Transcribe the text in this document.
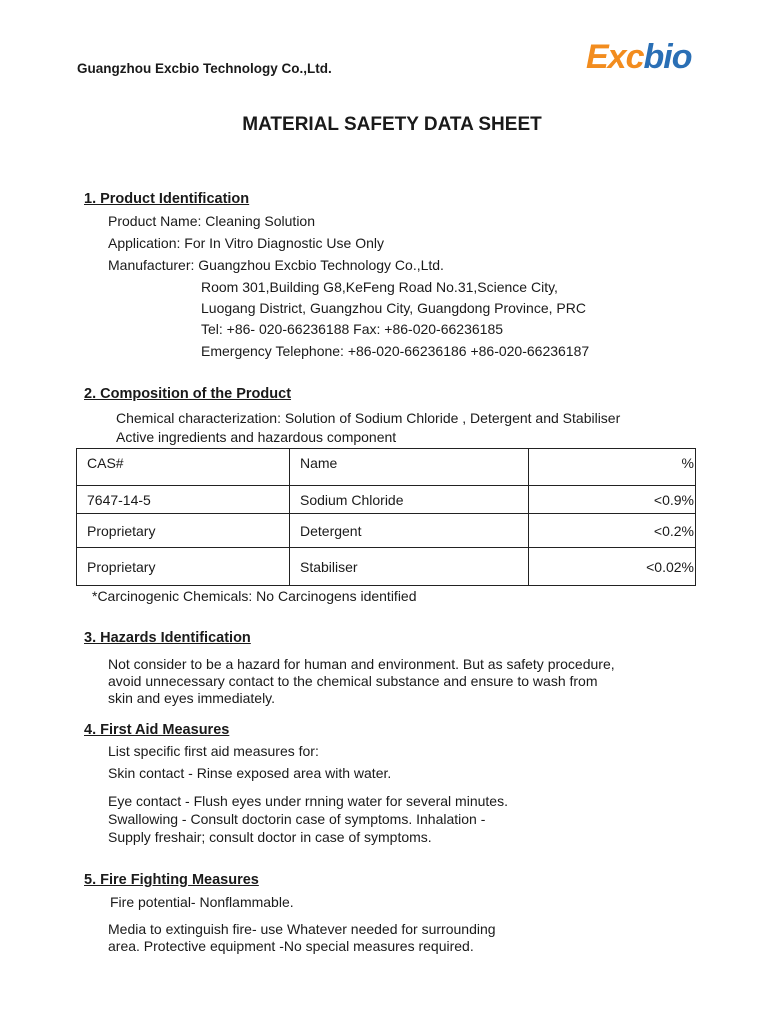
Guangzhou Excbio Technology Co.,Ltd.	Excbio
MATERIAL SAFETY DATA SHEET
1. Product Identification
Product Name: Cleaning Solution
Application: For In Vitro Diagnostic Use Only
Manufacturer: Guangzhou Excbio Technology Co.,Ltd.
Room 301,Building G8,KeFeng Road No.31,Science City,
Luogang District, Guangzhou City, Guangdong Province, PRC
Tel: +86- 020-66236188 Fax: +86-020-66236185
Emergency Telephone: +86-020-66236186 +86-020-66236187
2. Composition of the Product
Chemical characterization: Solution of Sodium Chloride , Detergent and Stabiliser
Active ingredients and hazardous component
CAS#	Name	%
7647-14-5	Sodium Chloride	<0.9%
Proprietary	Detergent	<0.2%
Proprietary	Stabiliser	<0.02%
*Carcinogenic Chemicals: No Carcinogens identified
3. Hazards Identification
Not consider to be a hazard for human and environment. But as safety procedure,
avoid unnecessary contact to the chemical substance and ensure to wash from
skin and eyes immediately.
4. First Aid Measures
List specific first aid measures for:
Skin contact - Rinse exposed area with water.
Eye contact - Flush eyes under rnning water for several minutes.
Swallowing - Consult doctorin case of symptoms. Inhalation -
Supply freshair; consult doctor in case of symptoms.
5. Fire Fighting Measures
Fire potential- Nonflammable.
Media to extinguish fire- use Whatever needed for surrounding
area. Protective equipment -No special measures required.
